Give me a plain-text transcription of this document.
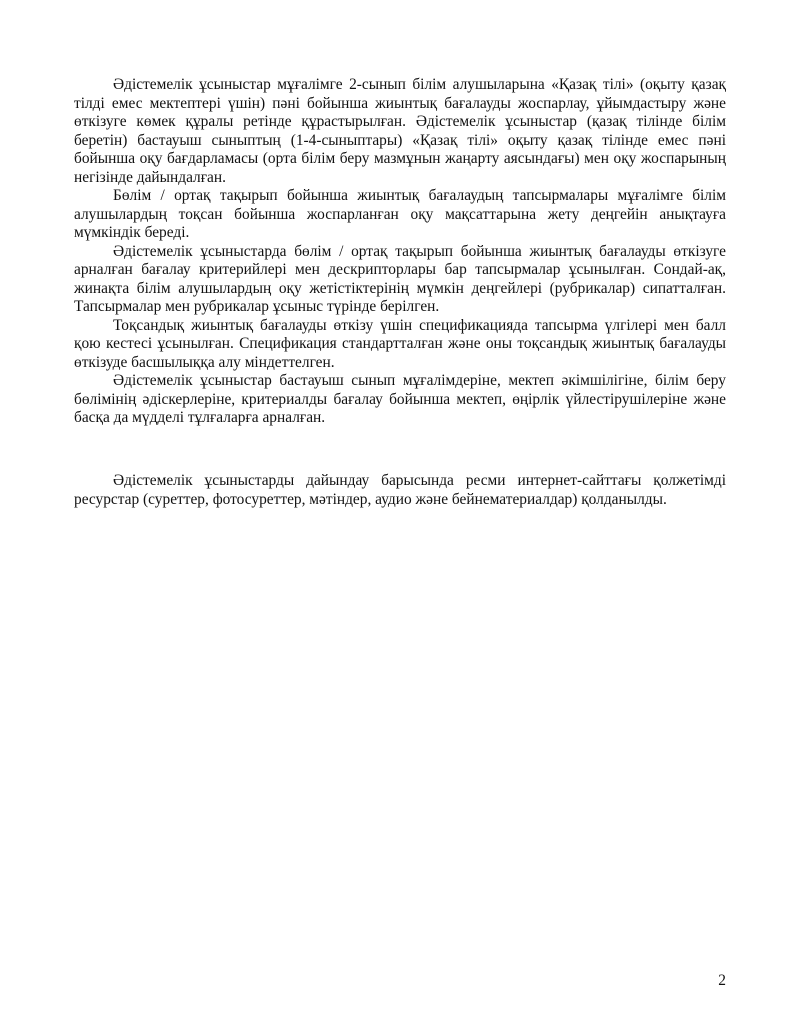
Әдістемелік ұсыныстар мұғалімге 2-сынып білім алушыларына «Қазақ тілі» (оқыту қазақ тілді емес мектептері үшін) пәні бойынша жиынтық бағалауды жоспарлау, ұйымдастыру және өткізуге көмек құралы ретінде құрастырылған. Әдістемелік ұсыныстар (қазақ тілінде білім беретін) бастауыш сыныптың (1-4-сыныптары) «Қазақ тілі» оқыту қазақ тілінде емес пәні бойынша оқу бағдарламасы (орта білім беру мазмұнын жаңарту аясындағы) мен оқу жоспарының негізінде дайындалған.

Бөлім / ортақ тақырып бойынша жиынтық бағалаудың тапсырмалары мұғалімге білім алушылардың тоқсан бойынша жоспарланған оқу мақсаттарына жету деңгейін анықтауға мүмкіндік береді.

Әдістемелік ұсыныстарда бөлім / ортақ тақырып бойынша жиынтық бағалауды өткізуге арналған бағалау критерийлері мен дескрипторлары бар тапсырмалар ұсынылған. Сондай-ақ, жинақта білім алушылардың оқу жетістіктерінің мүмкін деңгейлері (рубрикалар) сипатталған. Тапсырмалар мен рубрикалар ұсыныс түрінде берілген.

Тоқсандық жиынтық бағалауды өткізу үшін спецификацияда тапсырма үлгілері мен балл қою кестесі ұсынылған. Спецификация стандартталған және оны тоқсандық жиынтық бағалауды өткізуде басшылыққа алу міндеттелген.

Әдістемелік ұсыныстар бастауыш сынып мұғалімдеріне, мектеп әкімшілігіне, білім беру бөлімінің әдіскерлеріне, критериалды бағалау бойынша мектеп, өңірлік үйлестірушілеріне және басқа да мүдделі тұлғаларға арналған.

Әдістемелік ұсыныстарды дайындау барысында ресми интернет-сайттағы қолжетімді ресурстар (суреттер, фотосуреттер, мәтіндер, аудио және бейнематериалдар) қолданылды.

2
